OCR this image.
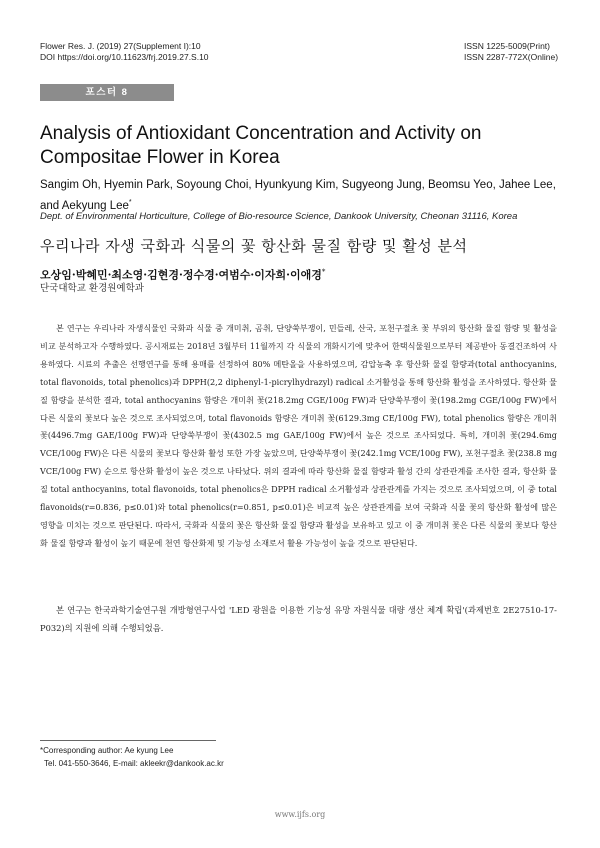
Flower Res. J. (2019) 27(Supplement I):10
DOI https://doi.org/10.11623/frj.2019.27.S.10
ISSN 1225-5009(Print)
ISSN 2287-772X(Online)
포스터 8
Analysis of Antioxidant Concentration and Activity on Compositae Flower in Korea
Sangim Oh, Hyemin Park, Soyoung Choi, Hyunkyung Kim, Sugyeong Jung, Beomsu Yeo, Jahee Lee, and Aekyung Lee*
Dept. of Environmental Horticulture, College of Bio-resource Science, Dankook University, Cheonan 31116, Korea
우리나라 자생 국화과 식물의 꽃 항산화 물질 함량 및 활성 분석
오상임·박혜민·최소영·김현경·정수경·여범수·이자희·이애경*
단국대학교 환경원예학과

본 연구는 우리나라 자생식물인 국화과 식물 중 개미취, 곰취, 단양쑥부쟁이, 민들레, 산국, 포천구절초 꽃 부위의 항산화 물질 함량 및 활성을 비교 분석하고자 수행하였다. 공시재료는 2018년 3월부터 11월까지 각 식물의 개화시기에 맞추어 한택식물원으로부터 제공받아 동결건조하여 사용하였다. 시료의 추출은 선행연구를 통해 용매를 선정하여 80% 메탄올을 사용하였으며, 감압농축 후 항산화 물질 함량과(total anthocyanins, total flavonoids, total phenolics)과 DPPH(2,2 diphenyl-1-picrylhydrazyl) radical 소거활성을 통해 항산화 활성을 조사하였다. 항산화 물질 함량을 분석한 결과, total anthocyanins 함량은 개미취 꽃(218.2mg CGE/100g FW)과 단양쑥부쟁이 꽃(198.2mg CGE/100g FW)에서 다른 식물의 꽃보다 높은 것으로 조사되었으며, total flavonoids 함량은 개미취 꽃(6129.3mg CE/100g FW), total phenolics 함량은 개미취 꽃(4496.7mg GAE/100g FW)과 단양쑥부쟁이 꽃(4302.5 mg GAE/100g FW)에서 높은 것으로 조사되었다. 특히, 개미취 꽃(294.6mg VCE/100g FW)은 다른 식물의 꽃보다 항산화 활성 또한 가장 높았으며, 단양쑥부쟁이 꽃(242.1mg VCE/100g FW), 포천구절초 꽃(238.8 mg VCE/100g FW) 순으로 항산화 활성이 높은 것으로 나타났다. 위의 결과에 따라 항산화 물질 함량과 활성 간의 상관관계를 조사한 결과, 항산화 물질 total anthocyanins, total flavonoids, total phenolics은 DPPH radical 소거활성과 상관관계를 가지는 것으로 조사되었으며, 이 중 total flavonoids(r=0.836, p≤0.01)와 total phenolics(r=0.851, p≤0.01)은 비교적 높은 상관관계를 보여 국화과 식물 꽃의 항산화 활성에 많은 영향을 미치는 것으로 판단된다. 따라서, 국화과 식물의 꽃은 항산화 물질 함량과 활성을 보유하고 있고 이 중 개미취 꽃은 다른 식물의 꽃보다 항산화 물질 함량과 활성이 높기 때문에 천연 항산화제 및 기능성 소재로서 활용 가능성이 높을 것으로 판단된다.

본 연구는 한국과학기술연구원 개방형연구사업 'LED 광원을 이용한 기능성 유망 자원식물 대량 생산 체계 확립'(과제번호 2E27510-17-P032)의 지원에 의해 수행되었음.

*Corresponding author: Ae kyung Lee
Tel. 041-550-3646, E-mail: akleekr@dankook.ac.kr
www.ijfs.org
